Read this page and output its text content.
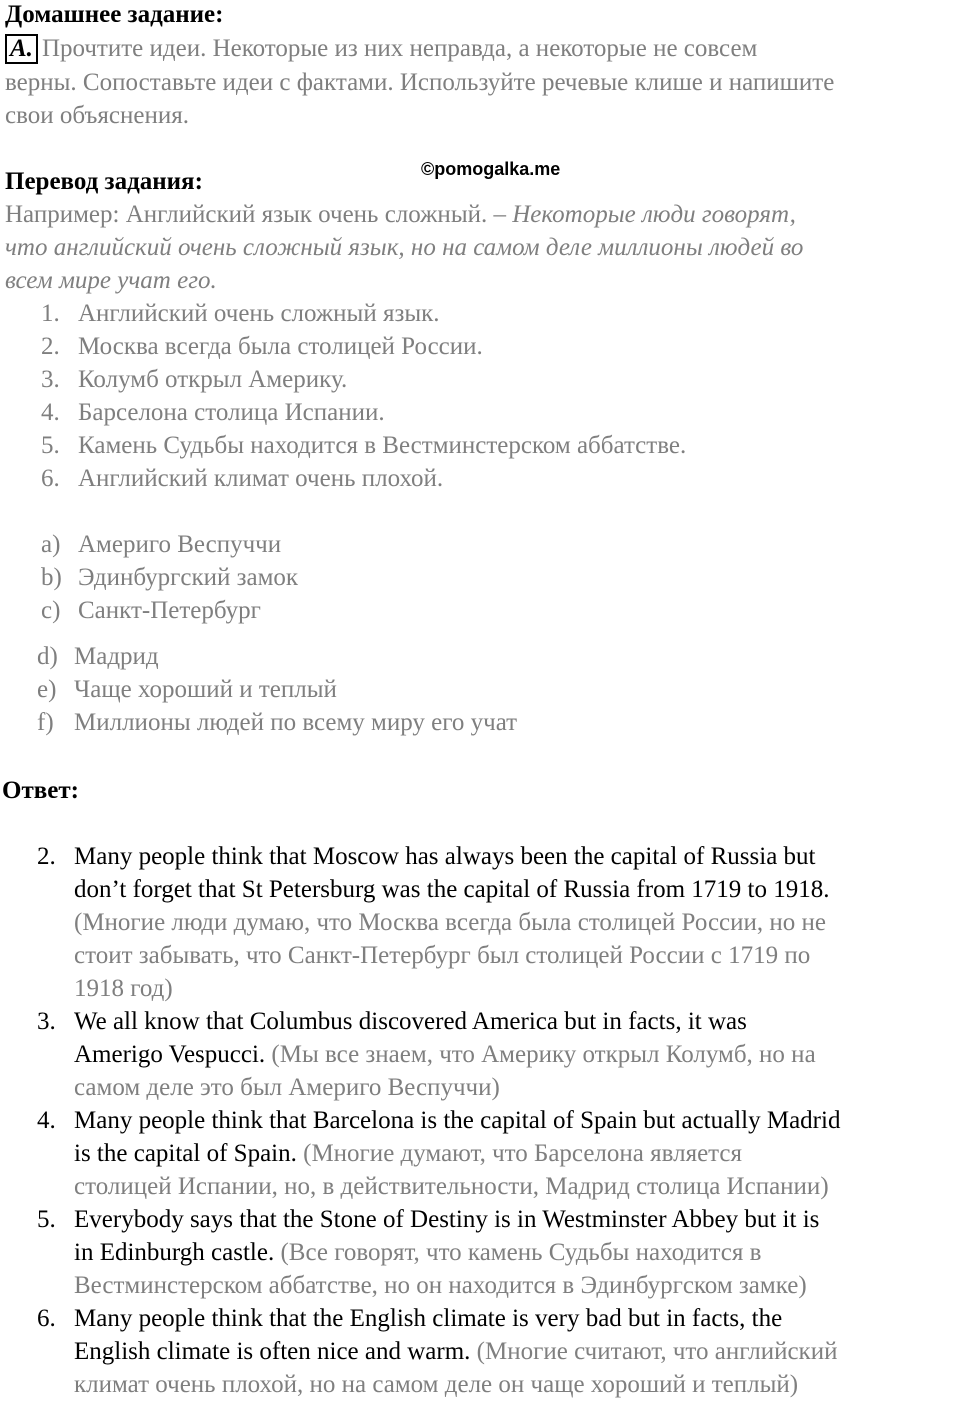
Домашнее задание:
A. Прочтите идеи. Некоторые из них неправда, а некоторые не совсем
верны. Сопоставьте идеи с фактами. Используйте речевые клише и напишите
свои объяснения.
©pomogalka.me
Перевод задания:
Например: Английский язык очень сложный. – Некоторые люди говорят,
что английский очень сложный язык, но на самом деле миллионы людей во
всем мире учат его.
1. Английский очень сложный язык.
2. Москва всегда была столицей России.
3. Колумб открыл Америку.
4. Барселона столица Испании.
5. Камень Судьбы находится в Вестминстерском аббатстве.
6. Английский климат очень плохой.
a) Америго Веспуччи
b) Эдинбургский замок
c) Санкт-Петербург
d) Мадрид
e) Чаще хороший и теплый
f) Миллионы людей по всему миру его учат
Ответ:
2. Many people think that Moscow has always been the capital of Russia but
don’t forget that St Petersburg was the capital of Russia from 1719 to 1918.
(Многие люди думаю, что Москва всегда была столицей России, но не
стоит забывать, что Санкт-Петербург был столицей России с 1719 по
1918 год)
3. We all know that Columbus discovered America but in facts, it was
Amerigo Vespucci. (Мы все знаем, что Америку открыл Колумб, но на
самом деле это был Америго Веспуччи)
4. Many people think that Barcelona is the capital of Spain but actually Madrid
is the capital of Spain. (Многие думают, что Барселона является
столицей Испании, но, в действительности, Мадрид столица Испании)
5. Everybody says that the Stone of Destiny is in Westminster Abbey but it is
in Edinburgh castle. (Все говорят, что камень Судьбы находится в
Вестминстерском аббатстве, но он находится в Эдинбургском замке)
6. Many people think that the English climate is very bad but in facts, the
English climate is often nice and warm. (Многие считают, что английский
климат очень плохой, но на самом деле он чаще хороший и теплый)
